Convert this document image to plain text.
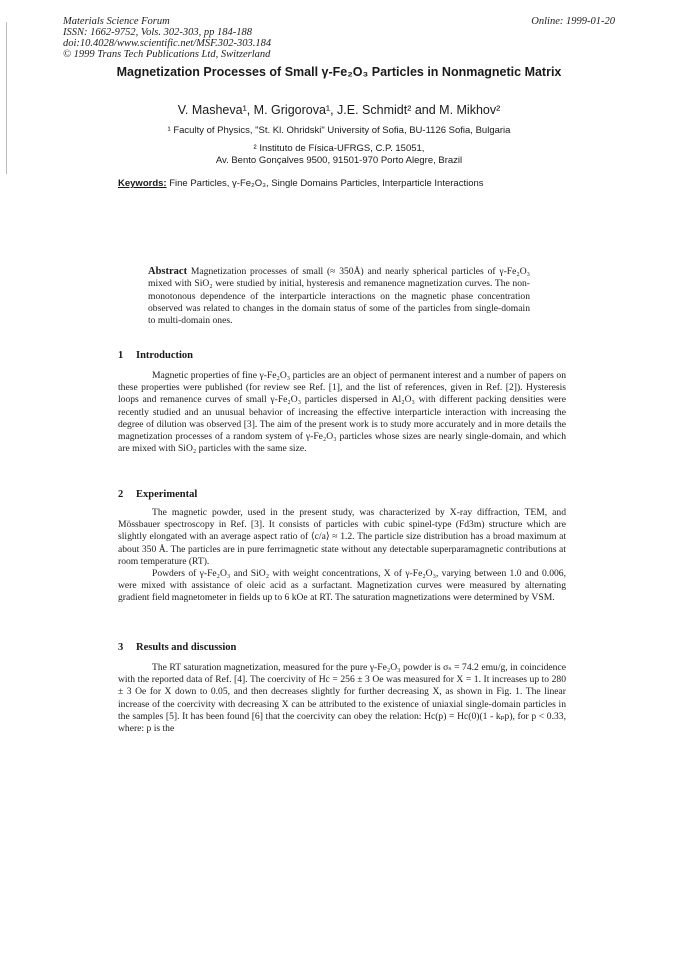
Materials Science Forum
ISSN: 1662-9752, Vols. 302-303, pp 184-188
doi:10.4028/www.scientific.net/MSF.302-303.184
© 1999 Trans Tech Publications Ltd, Switzerland
Online: 1999-01-20
Magnetization Processes of Small γ-Fe₂O₃ Particles in Nonmagnetic Matrix
V. Masheva¹, M. Grigorova¹, J.E. Schmidt² and M. Mikhov²
¹ Faculty of Physics, "St. Kl. Ohridski" University of Sofia, BU-1126 Sofia, Bulgaria
² Instituto de Física-UFRGS, C.P. 15051,
Av. Bento Gonçalves 9500, 91501-970 Porto Alegre, Brazil
Keywords: Fine Particles, γ-Fe₂O₃, Single Domains Particles, Interparticle Interactions
Abstract Magnetization processes of small (≈ 350Å) and nearly spherical particles of γ-Fe₂O₃ mixed with SiO₂ were studied by initial, hysteresis and remanence magnetization curves. The non-monotonous dependence of the interparticle interactions on the magnetic phase concentration observed was related to changes in the domain status of some of the particles from single-domain to multi-domain ones.
1 Introduction

Magnetic properties of fine γ-Fe₂O₃ particles are an object of permanent interest and a number of papers on these properties were published (for review see Ref. [1], and the list of references, given in Ref. [2]). Hysteresis loops and remanence curves of small γ-Fe₂O₃ particles dispersed in Al₂O₃ with different packing densities were recently studied and an unusual behavior of increasing the effective interparticle interaction with increasing the degree of dilution was observed [3]. The aim of the present work is to study more accurately and in more details the magnetization processes of a random system of γ-Fe₂O₃ particles whose sizes are nearly single-domain, and which are mixed with SiO₂ particles with the same size.

2 Experimental

The magnetic powder, used in the present study, was characterized by X-ray diffraction, TEM, and Mössbauer spectroscopy in Ref. [3]. It consists of particles with cubic spinel-type (Fd3m) structure which are slightly elongated with an average aspect ratio of ⟨c/a⟩ ≈ 1.2. The particle size distribution has a broad maximum at about 350 Å. The particles are in pure ferrimagnetic state without any detectable superparamagnetic contributions at room temperature (RT).

Powders of γ-Fe₂O₃ and SiO₂ with weight concentrations, X of γ-Fe₂O₃, varying between 1.0 and 0.006, were mixed with assistance of oleic acid as a surfactant. Magnetization curves were measured by alternating gradient field magnetometer in fields up to 6 kOe at RT. The saturation magnetizations were determined by VSM.

3 Results and discussion

The RT saturation magnetization, measured for the pure γ-Fe₂O₃ powder is σₛ = 74.2 emu/g, in coincidence with the reported data of Ref. [4]. The coercivity of Hc = 256 ± 3 Oe was measured for X = 1. It increases up to 280 ± 3 Oe for X down to 0.05, and then decreases slightly for further decreasing X, as shown in Fig. 1. The linear increase of the coercivity with decreasing X can be attributed to the existence of uniaxial single-domain particles in the samples [5]. It has been found [6] that the coercivity can obey the relation: Hc(p) = Hc(0)(1 - kₚp), for p < 0.33, where: p is the
